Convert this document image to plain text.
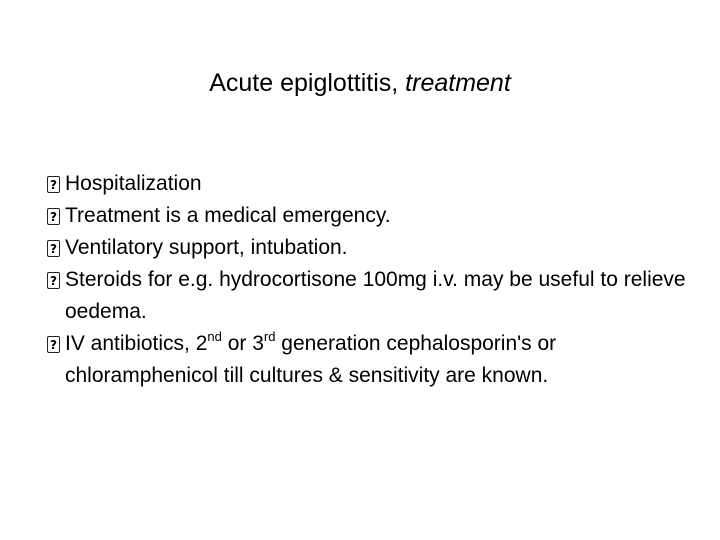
Acute epiglottitis, treatment
?
Hospitalization
?
Treatment is a medical emergency.
?
Ventilatory support, intubation.
?
Steroids for e.g. hydrocortisone 100mg i.v. may be useful to relieve oedema.
?
IV antibiotics, 2nd or 3rd generation cephalosporin's or chloramphenicol till cultures & sensitivity are known.
